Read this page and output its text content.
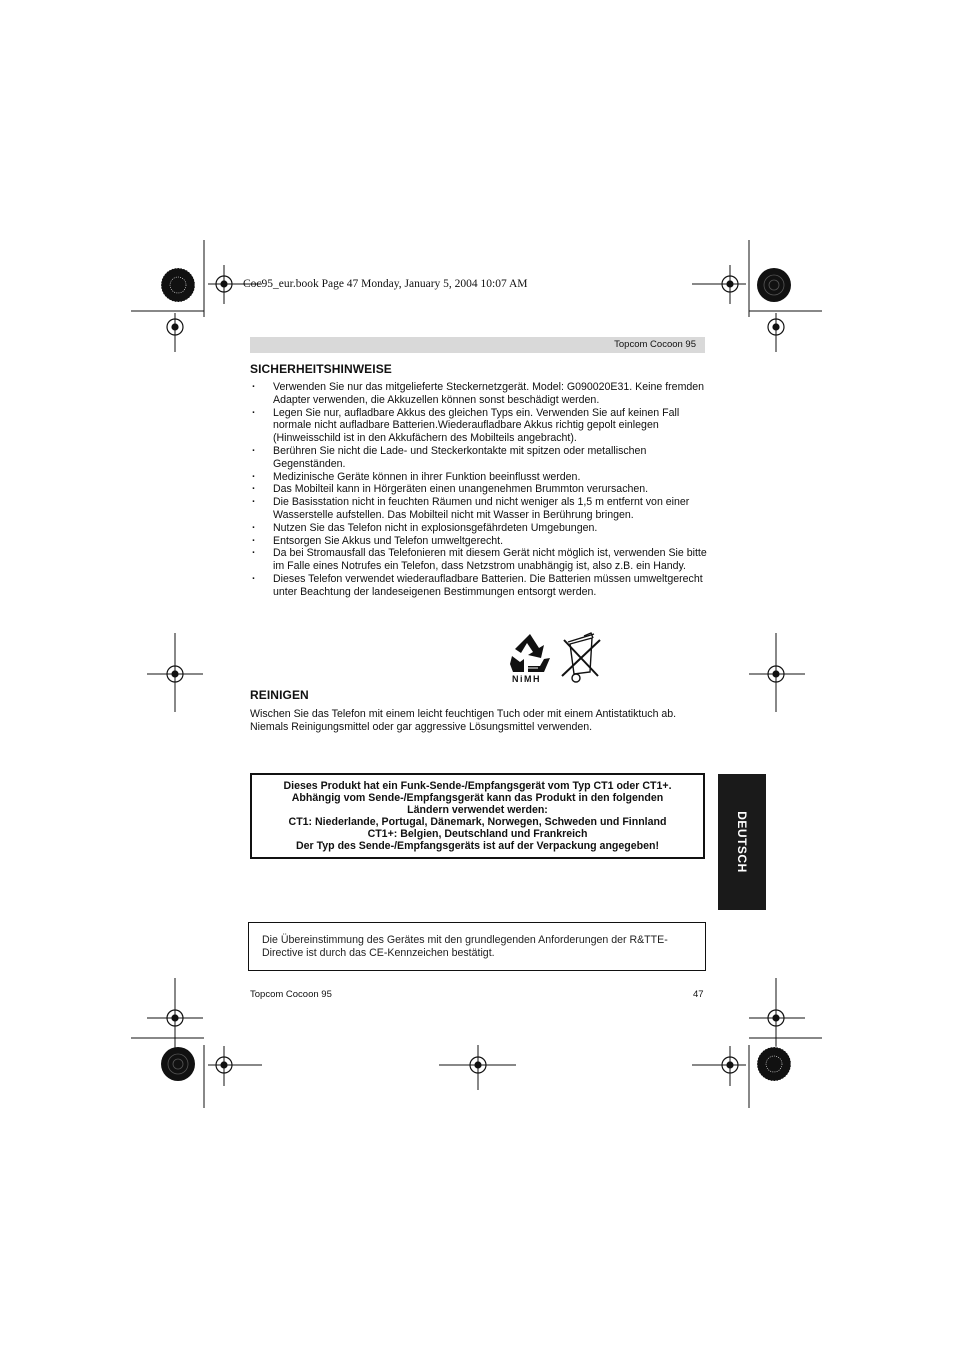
Coc95_eur.book Page 47 Monday, January 5, 2004 10:07 AM
Topcom Cocoon 95
SICHERHEITSHINWEISE
· Verwenden Sie nur das mitgelieferte Steckernetzgerät. Model: G090020E31. Keine fremden Adapter verwenden, die Akkuzellen können sonst beschädigt werden.
· Legen Sie nur, aufladbare Akkus des gleichen Typs ein. Verwenden Sie auf keinen Fall normale nicht aufladbare Batterien.Wiederaufladbare Akkus richtig gepolt einlegen (Hinweisschild ist in den Akkufächern des Mobilteils angebracht).
· Berühren Sie nicht die Lade- und Steckerkontakte mit spitzen oder metallischen Gegenständen.
· Medizinische Geräte können in ihrer Funktion beeinflusst werden.
· Das Mobilteil kann in Hörgeräten einen unangenehmen Brummton verursachen.
· Die Basisstation nicht in feuchten Räumen und nicht weniger als 1,5 m entfernt von einer Wasserstelle aufstellen. Das Mobilteil nicht mit Wasser in Berührung bringen.
· Nutzen Sie das Telefon nicht in explosionsgefährdeten Umgebungen.
· Entsorgen Sie Akkus und Telefon umweltgerecht.
· Da bei Stromausfall das Telefonieren mit diesem Gerät nicht möglich ist, verwenden Sie bitte im Falle eines Notrufes ein Telefon, dass Netzstrom unabhängig ist, also z.B. ein Handy.
· Dieses Telefon verwendet wiederaufladbare Batterien. Die Batterien müssen umweltgerecht unter Beachtung der landeseigenen Bestimmungen entsorgt werden.
NiMH
REINIGEN
Wischen Sie das Telefon mit einem leicht feuchtigen Tuch oder mit einem Antistatiktuch ab.
Niemals Reinigungsmittel oder gar aggressive Lösungsmittel verwenden.
Dieses Produkt hat ein Funk-Sende-/Empfangsgerät vom Typ CT1 oder CT1+.
Abhängig vom Sende-/Empfangsgerät kann das Produkt in den folgenden
Ländern verwendet werden:
CT1: Niederlande, Portugal, Dänemark, Norwegen, Schweden und Finnland
CT1+: Belgien, Deutschland und Frankreich
Der Typ des Sende-/Empfangsgeräts ist auf der Verpackung angegeben!	DEUTSCH
Die Übereinstimmung des Gerätes mit den grundlegenden Anforderungen der R&TTE-
Directive ist durch das CE-Kennzeichen bestätigt.
Topcom Cocoon 95	47
